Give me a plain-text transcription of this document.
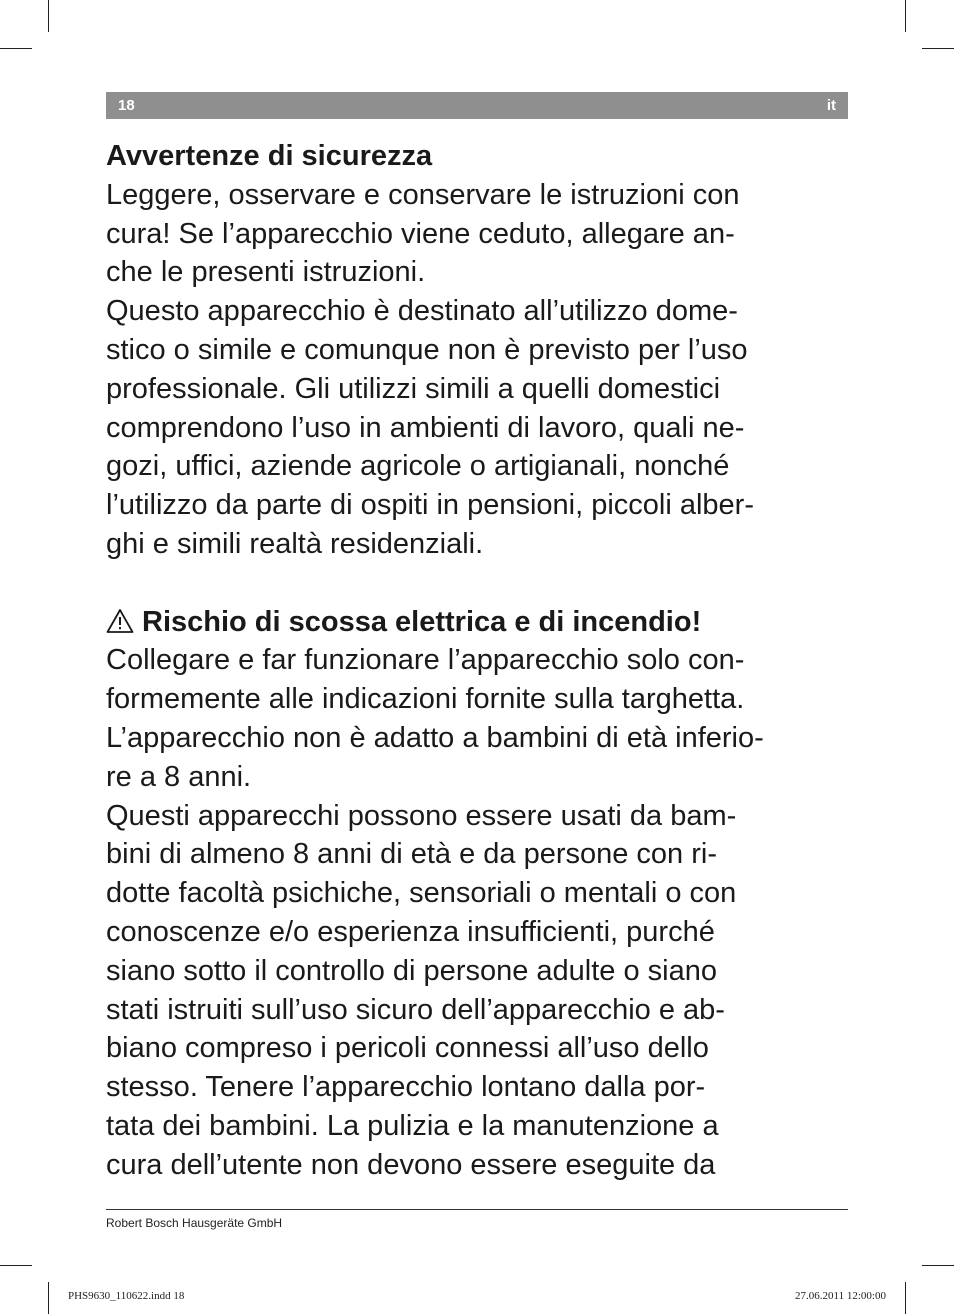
18	it
Avvertenze di sicurezza
Leggere, osservare e conservare le istruzioni con
cura! Se l’apparecchio viene ceduto, allegare an-
che le presenti istruzioni.
Questo apparecchio è destinato all’utilizzo dome-
stico o simile e comunque non è previsto per l’uso
professionale. Gli utilizzi simili a quelli domestici
comprendono l’uso in ambienti di lavoro, quali ne-
gozi, uffici, aziende agricole o artigianali, nonché
l’utilizzo da parte di ospiti in pensioni, piccoli alber-
ghi e simili realtà residenziali.
Rischio di scossa elettrica e di incendio!
Collegare e far funzionare l’apparecchio solo con-
formemente alle indicazioni fornite sulla targhetta.
L’apparecchio non è adatto a bambini di età inferio-
re a 8 anni.
Questi apparecchi possono essere usati da bam-
bini di almeno 8 anni di età e da persone con ri-
dotte facoltà psichiche, sensoriali o mentali o con
conoscenze e/o esperienza insufficienti, purché
siano sotto il controllo di persone adulte o siano
stati istruiti sull’uso sicuro dell’apparecchio e ab-
biano compreso i pericoli connessi all’uso dello
stesso. Tenere l’apparecchio lontano dalla por-
tata dei bambini. La pulizia e la manutenzione a
cura dell’utente non devono essere eseguite da
Robert Bosch Hausgeräte GmbH
PHS9630_110622.indd 18	27.06.2011 12:00:00
